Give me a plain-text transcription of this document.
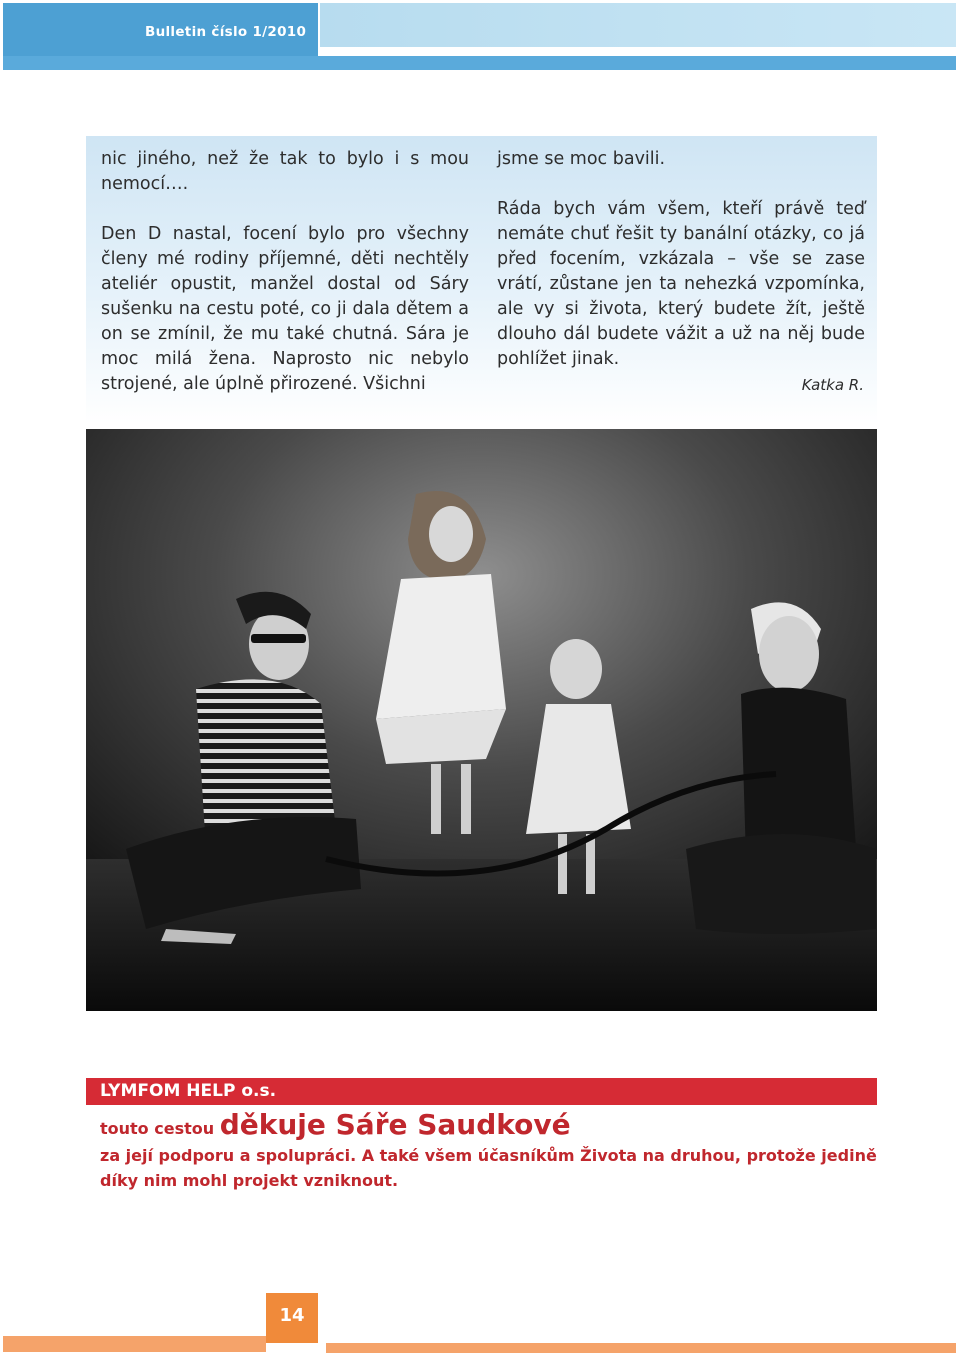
Bulletin číslo 1/2010

nic jiného, než že tak to bylo i s mou nemocí….

Den D nastal, focení bylo pro všechny členy mé rodiny příjemné, děti nechtěly ateliér opustit, manžel dostal od Sáry sušenku na cestu poté, co ji dala dětem a on se zmínil, že mu také chutná. Sára je moc milá žena. Naprosto nic nebylo strojené, ale úplně přirozené. Všichni

jsme se moc bavili.

Ráda bych vám všem, kteří právě teď nemáte chuť řešit ty banální otázky, co já před focením, vzkázala – vše se zase vrátí, zůstane jen ta nehezká vzpomínka, ale vy si života, který budete žít, ještě dlouho dál budete vážit a už na něj bude pohlížet jinak.

Katka R.
LYMFOM HELP o.s.
touto cestou děkuje Sáře Saudkové
za její podporu a spolupráci. A také všem účasníkům Života na druhou, protože jedině díky nim mohl projekt vzniknout.
14
